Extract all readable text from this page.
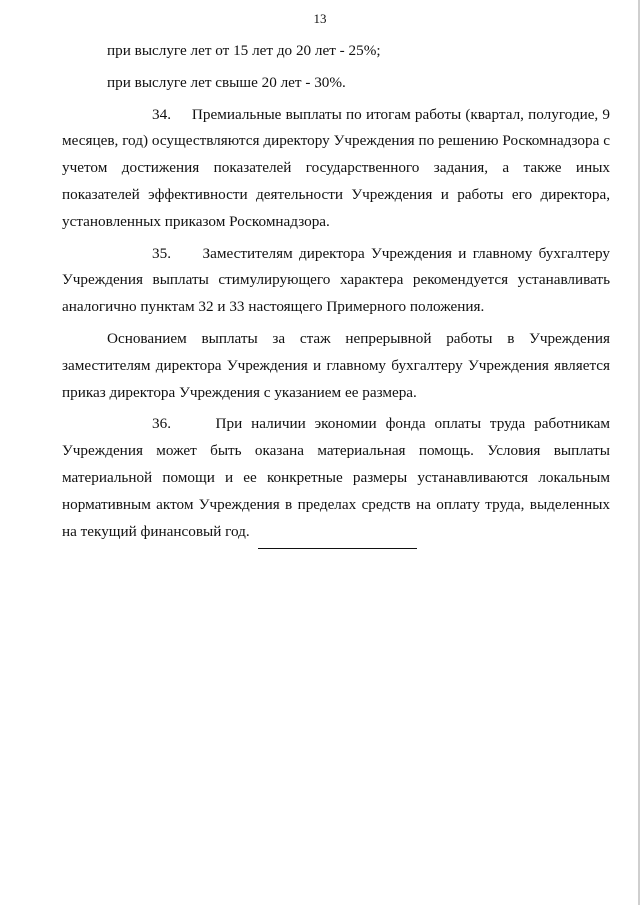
13

при выслуге лет от 15 лет до 20 лет - 25%;

при выслуге лет свыше 20 лет - 30%.

34. Премиальные выплаты по итогам работы (квартал, полугодие, 9 месяцев, год) осуществляются директору Учреждения по решению Роскомнадзора с учетом достижения показателей государственного задания, а также иных показателей эффективности деятельности Учреждения и работы его директора, установленных приказом Роскомнадзора.

35. Заместителям директора Учреждения и главному бухгалтеру Учреждения выплаты стимулирующего характера рекомендуется устанавливать аналогично пунктам 32 и 33 настоящего Примерного положения.

Основанием выплаты за стаж непрерывной работы в Учреждения заместителям директора Учреждения и главному бухгалтеру Учреждения является приказ директора Учреждения с указанием ее размера.

36.	При наличии экономии фонда оплаты труда работникам Учреждения может быть оказана материальная помощь. Условия выплаты материальной помощи и ее конкретные размеры устанавливаются локальным нормативным актом Учреждения в пределах средств на оплату труда, выделенных на текущий финансовый год.
